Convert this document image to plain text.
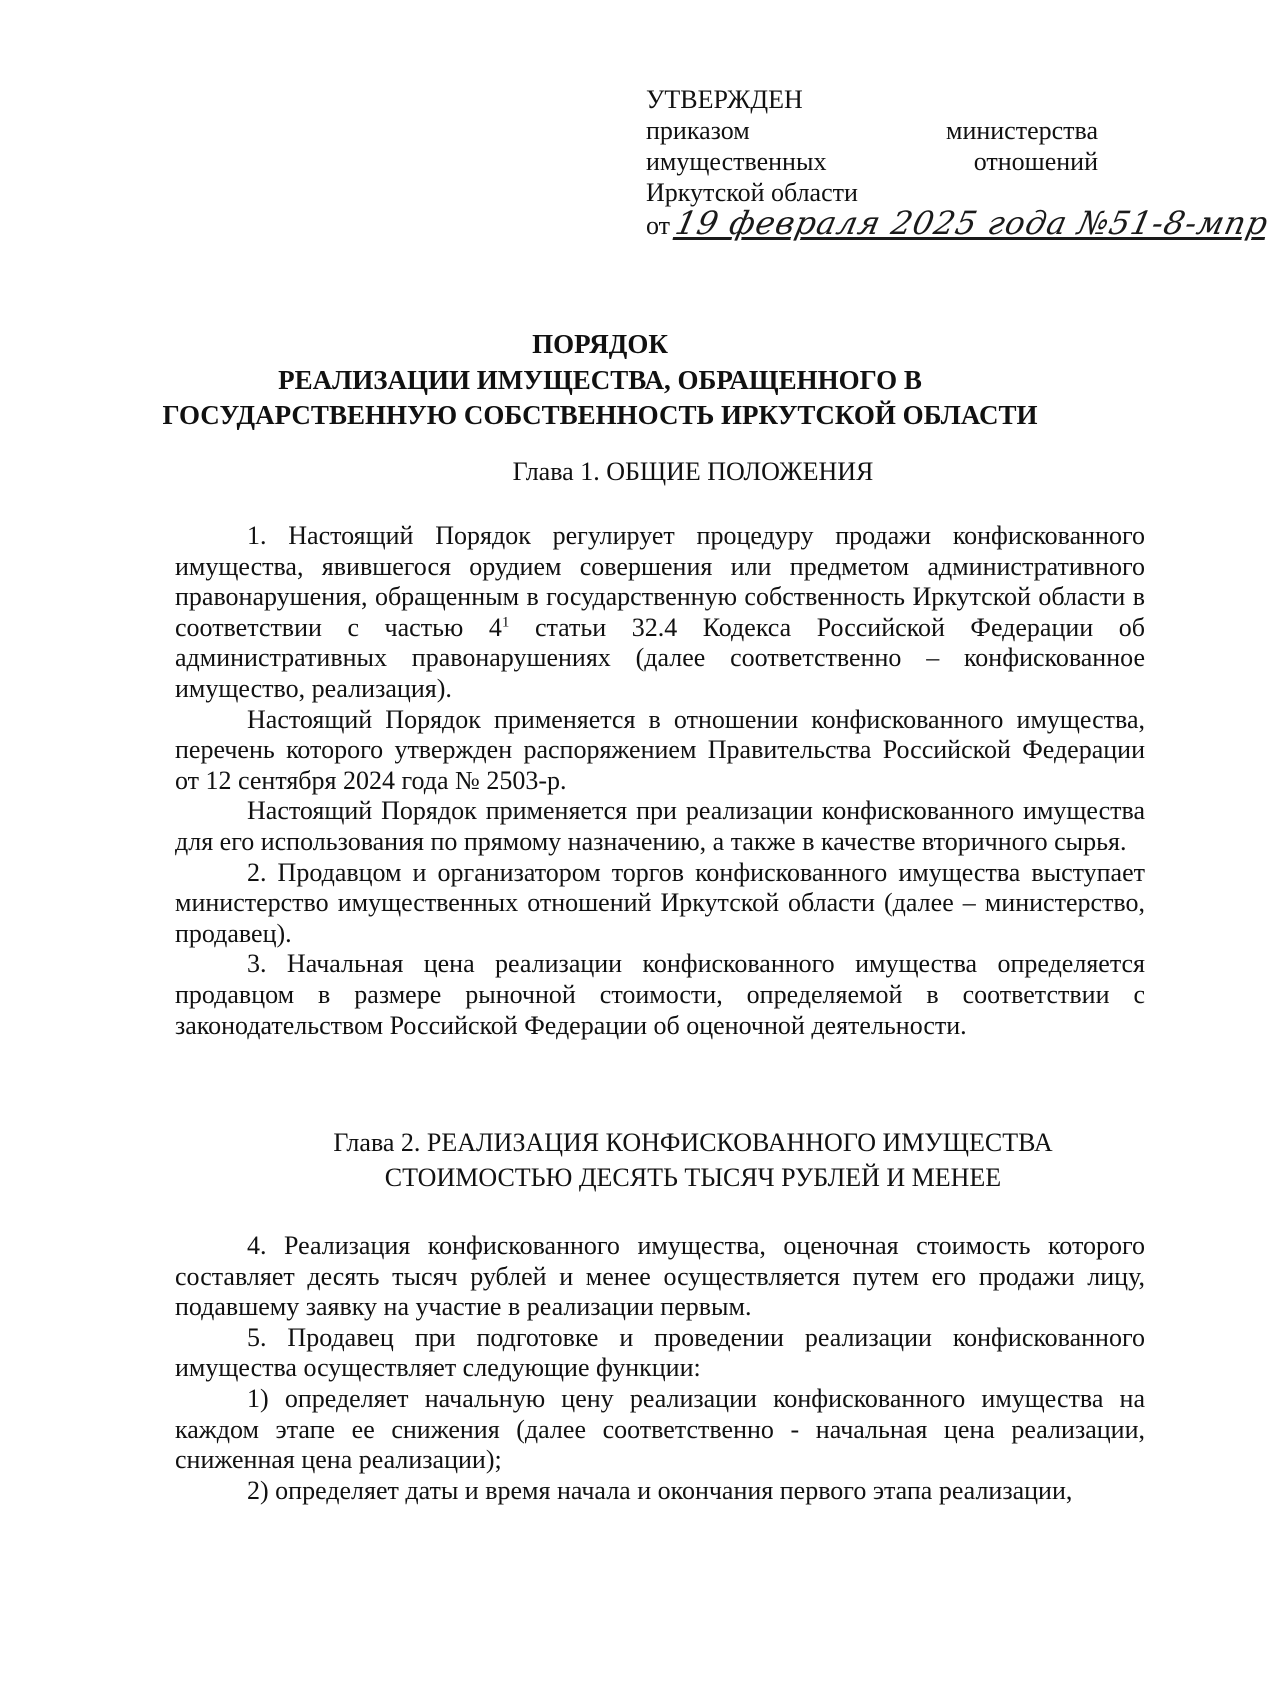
УТВЕРЖДЕН
приказом	министерства
имущественных	отношений
Иркутской области
от 19 февраля 2025 года №51-8-мпр
ПОРЯДОК
РЕАЛИЗАЦИИ ИМУЩЕСТВА, ОБРАЩЕННОГО В
ГОСУДАРСТВЕННУЮ СОБСТВЕННОСТЬ ИРКУТСКОЙ ОБЛАСТИ
Глава 1. ОБЩИЕ ПОЛОЖЕНИЯ

1. Настоящий Порядок регулирует процедуру продажи конфискованного имущества, явившегося орудием совершения или предметом административного правонарушения, обращенным в государственную собственность Иркутской области в соответствии с частью $4^1$ статьи 32.4 Кодекса Российской Федерации об административных правонарушениях (далее соответственно – конфискованное имущество, реализация).

Настоящий Порядок применяется в отношении конфискованного имущества, перечень которого утвержден распоряжением Правительства Российской Федерации от 12 сентября 2024 года № 2503-р.

Настоящий Порядок применяется при реализации конфискованного имущества для его использования по прямому назначению, а также в качестве вторичного сырья.

2. Продавцом и организатором торгов конфискованного имущества выступает министерство имущественных отношений Иркутской области (далее – министерство, продавец).

3. Начальная цена реализации конфискованного имущества определяется продавцом в размере рыночной стоимости, определяемой в соответствии с законодательством Российской Федерации об оценочной деятельности.

Глава 2. РЕАЛИЗАЦИЯ КОНФИСКОВАННОГО ИМУЩЕСТВА
СТОИМОСТЬЮ ДЕСЯТЬ ТЫСЯЧ РУБЛЕЙ И МЕНЕЕ

4. Реализация конфискованного имущества, оценочная стоимость которого составляет десять тысяч рублей и менее осуществляется путем его продажи лицу, подавшему заявку на участие в реализации первым.

5. Продавец при подготовке и проведении реализации конфискованного имущества осуществляет следующие функции:

1) определяет начальную цену реализации конфискованного имущества на каждом этапе ее снижения (далее соответственно - начальная цена реализации, сниженная цена реализации);

2) определяет даты и время начала и окончания первого этапа реализации,
